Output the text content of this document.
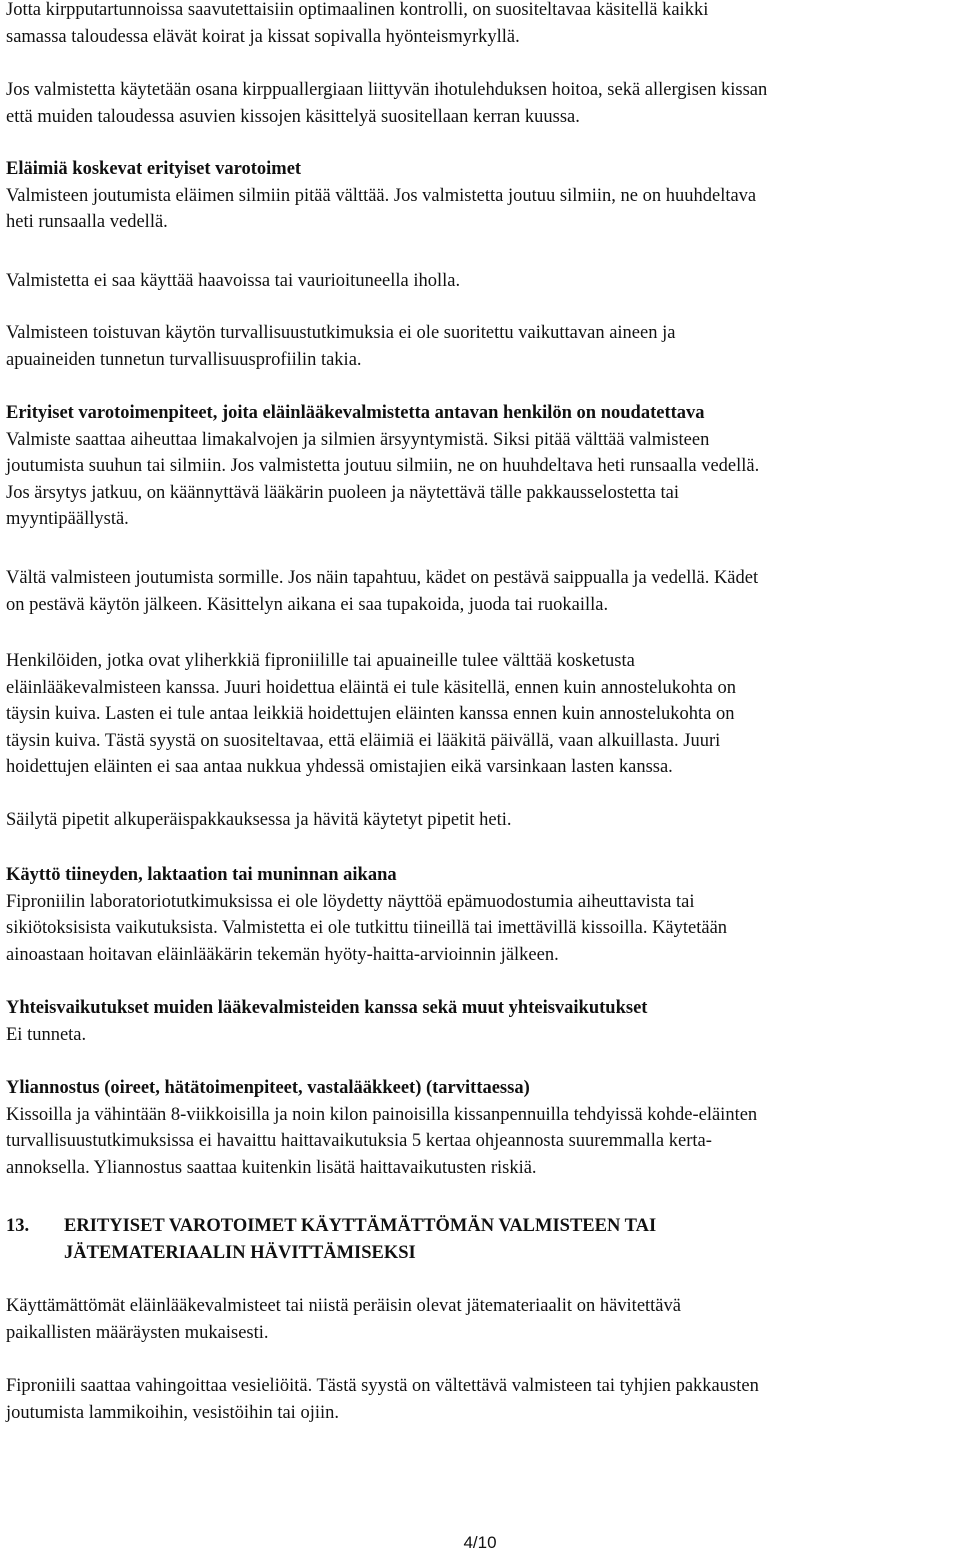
Jotta kirpputartunnoissa saavutettaisiin optimaalinen kontrolli, on suositeltavaa käsitellä kaikki
samassa taloudessa elävät koirat ja kissat sopivalla hyönteismyrkyllä.

Jos valmistetta käytetään osana kirppuallergiaan liittyvän ihotulehduksen hoitoa, sekä allergisen kissan
että muiden taloudessa asuvien kissojen käsittelyä suositellaan kerran kuussa.

Eläimiä koskevat erityiset varotoimet
Valmisteen joutumista eläimen silmiin pitää välttää. Jos valmistetta joutuu silmiin, ne on huuhdeltava
heti runsaalla vedellä.

Valmistetta ei saa käyttää haavoissa tai vaurioituneella iholla.

Valmisteen toistuvan käytön turvallisuustutkimuksia ei ole suoritettu vaikuttavan aineen ja
apuaineiden tunnetun turvallisuusprofiilin takia.

Erityiset varotoimenpiteet, joita eläinlääkevalmistetta antavan henkilön on noudatettava
Valmiste saattaa aiheuttaa limakalvojen ja silmien ärsyyntymistä. Siksi pitää välttää valmisteen
joutumista suuhun tai silmiin. Jos valmistetta joutuu silmiin, ne on huuhdeltava heti runsaalla vedellä.
Jos ärsytys jatkuu, on käännyttävä lääkärin puoleen ja näytettävä tälle pakkausselostetta tai
myyntipäällystä.

Vältä valmisteen joutumista sormille. Jos näin tapahtuu, kädet on pestävä saippualla ja vedellä. Kädet
on pestävä käytön jälkeen. Käsittelyn aikana ei saa tupakoida, juoda tai ruokailla.

Henkilöiden, jotka ovat yliherkkiä fiproniilille tai apuaineille tulee välttää kosketusta
eläinlääkevalmisteen kanssa. Juuri hoidettua eläintä ei tule käsitellä, ennen kuin annostelukohta on
täysin kuiva. Lasten ei tule antaa leikkiä hoidettujen eläinten kanssa ennen kuin annostelukohta on
täysin kuiva. Tästä syystä on suositeltavaa, että eläimiä ei lääkitä päivällä, vaan alkuillasta. Juuri
hoidettujen eläinten ei saa antaa nukkua yhdessä omistajien eikä varsinkaan lasten kanssa.

Säilytä pipetit alkuperäispakkauksessa ja hävitä käytetyt pipetit heti.

Käyttö tiineyden, laktaation tai muninnan aikana
Fiproniilin laboratoriotutkimuksissa ei ole löydetty näyttöä epämuodostumia aiheuttavista tai
sikiötoksisista vaikutuksista. Valmistetta ei ole tutkittu tiineillä tai imettävillä kissoilla. Käytetään
ainoastaan hoitavan eläinlääkärin tekemän hyöty-haitta-arvioinnin jälkeen.

Yhteisvaikutukset muiden lääkevalmisteiden kanssa sekä muut yhteisvaikutukset
Ei tunneta.

Yliannostus (oireet, hätätoimenpiteet, vastalääkkeet) (tarvittaessa)
Kissoilla ja vähintään 8-viikkoisilla ja noin kilon painoisilla kissanpennuilla tehdyissä kohde-eläinten
turvallisuustutkimuksissa ei havaittu haittavaikutuksia 5 kertaa ohjeannosta suuremmalla kerta-
annoksella. Yliannostus saattaa kuitenkin lisätä haittavaikutusten riskiä.

13. ERITYISET VAROTOIMET KÄYTTÄMÄTTÖMÄN VALMISTEEN TAI
JÄTEMATERIAALIN HÄVITTÄMISEKSI

Käyttämättömät eläinlääkevalmisteet tai niistä peräisin olevat jätemateriaalit on hävitettävä
paikallisten määräysten mukaisesti.

Fiproniili saattaa vahingoittaa vesieliöitä. Tästä syystä on vältettävä valmisteen tai tyhjien pakkausten
joutumista lammikoihin, vesistöihin tai ojiin.

4/10
